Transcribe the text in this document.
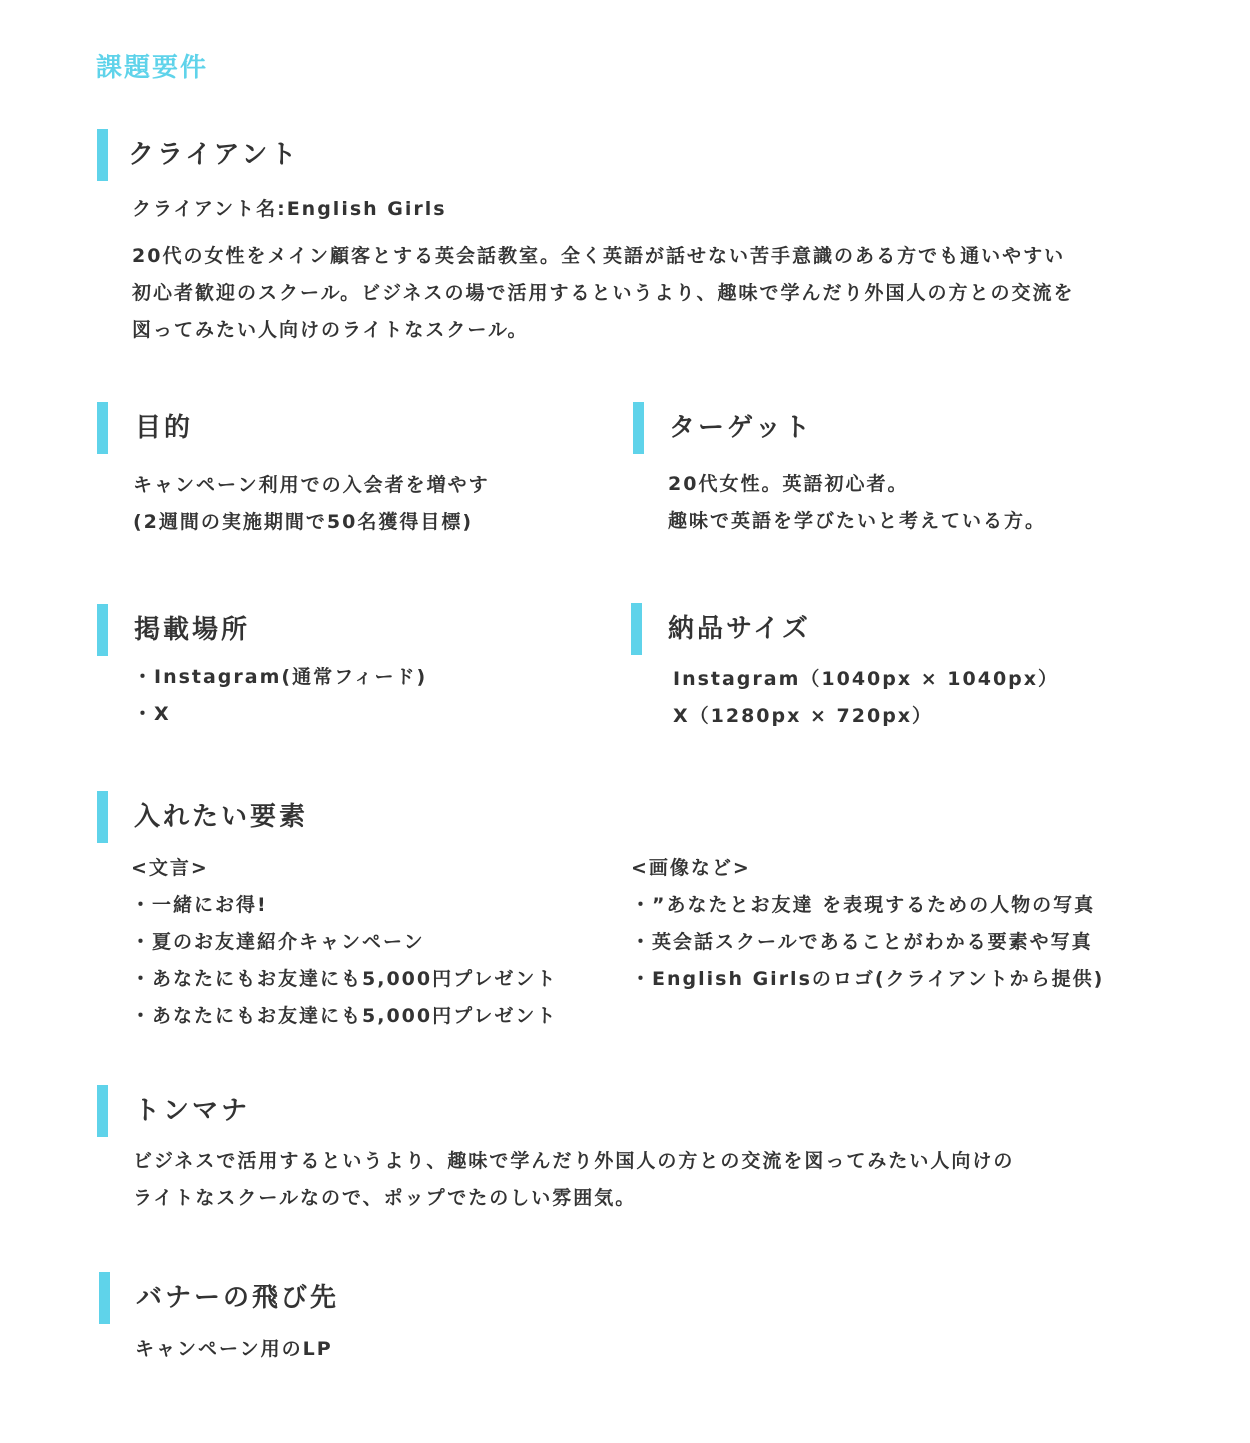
課題要件
クライアント
クライアント名:English Girls
20代の女性をメイン顧客とする英会話教室。全く英語が話せない苦手意識のある方でも通いやすい
初心者歓迎のスクール。ビジネスの場で活用するというより、趣味で学んだり外国人の方との交流を
図ってみたい人向けのライトなスクール。
目的
キャンペーン利用での入会者を増やす
(2週間の実施期間で50名獲得目標)
ターゲット
20代女性。英語初心者。
趣味で英語を学びたいと考えている方。
掲載場所
・Instagram(通常フィード)
・X
納品サイズ
Instagram（1040px × 1040px）
X（1280px × 720px）
入れたい要素
<文言>
・一緒にお得!
・夏のお友達紹介キャンペーン
・あなたにもお友達にも5,000円プレゼント
・あなたにもお友達にも5,000円プレゼント
<画像など>
・”あなたとお友達 を表現するための人物の写真
・英会話スクールであることがわかる要素や写真
・English Girlsのロゴ(クライアントから提供)
トンマナ
ビジネスで活用するというより、趣味で学んだり外国人の方との交流を図ってみたい人向けの
ライトなスクールなので、ポップでたのしい雰囲気。
バナーの飛び先
キャンペーン用のLP
